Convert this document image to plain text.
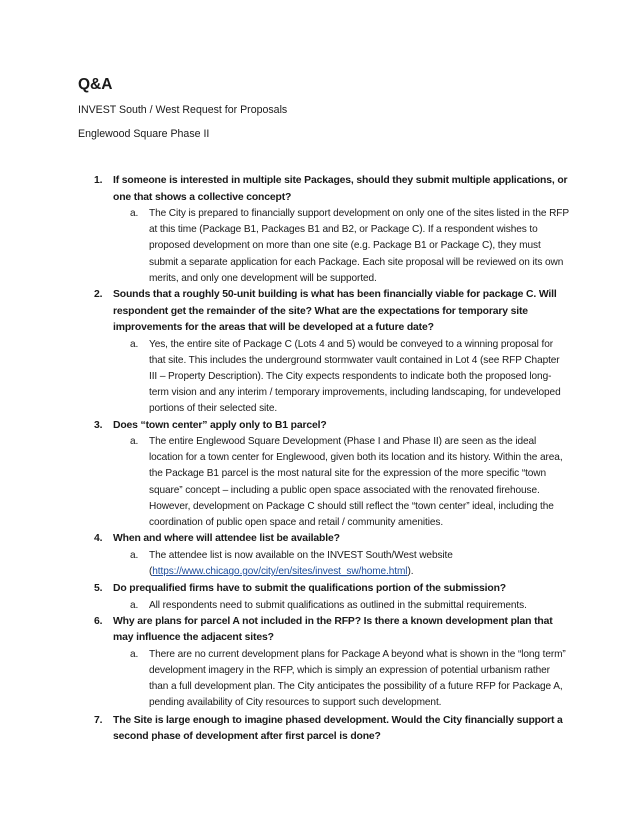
Q&A
INVEST South / West Request for Proposals
Englewood Square Phase II
1. If someone is interested in multiple site Packages, should they submit multiple applications, or one that shows a collective concept?
a. The City is prepared to financially support development on only one of the sites listed in the RFP at this time (Package B1, Packages B1 and B2, or Package C). If a respondent wishes to proposed development on more than one site (e.g. Package B1 or Package C), they must submit a separate application for each Package. Each site proposal will be reviewed on its own merits, and only one development will be supported.
2. Sounds that a roughly 50-unit building is what has been financially viable for package C. Will respondent get the remainder of the site? What are the expectations for temporary site improvements for the areas that will be developed at a future date?
a. Yes, the entire site of Package C (Lots 4 and 5) would be conveyed to a winning proposal for that site. This includes the underground stormwater vault contained in Lot 4 (see RFP Chapter III – Property Description). The City expects respondents to indicate both the proposed long-term vision and any interim / temporary improvements, including landscaping, for undeveloped portions of their selected site.
3. Does “town center” apply only to B1 parcel?
a. The entire Englewood Square Development (Phase I and Phase II) are seen as the ideal location for a town center for Englewood, given both its location and its history. Within the area, the Package B1 parcel is the most natural site for the expression of the more specific “town square” concept – including a public open space associated with the renovated firehouse. However, development on Package C should still reflect the “town center” ideal, including the coordination of public open space and retail / community amenities.
4. When and where will attendee list be available?
a. The attendee list is now available on the INVEST South/West website
(https://www.chicago.gov/city/en/sites/invest_sw/home.html).
5. Do prequalified firms have to submit the qualifications portion of the submission?
a. All respondents need to submit qualifications as outlined in the submittal requirements.
6. Why are plans for parcel A not included in the RFP? Is there a known development plan that may influence the adjacent sites?
a. There are no current development plans for Package A beyond what is shown in the “long term” development imagery in the RFP, which is simply an expression of potential urbanism rather than a full development plan. The City anticipates the possibility of a future RFP for Package A, pending availability of City resources to support such development.
7. The Site is large enough to imagine phased development. Would the City financially support a second phase of development after first parcel is done?
